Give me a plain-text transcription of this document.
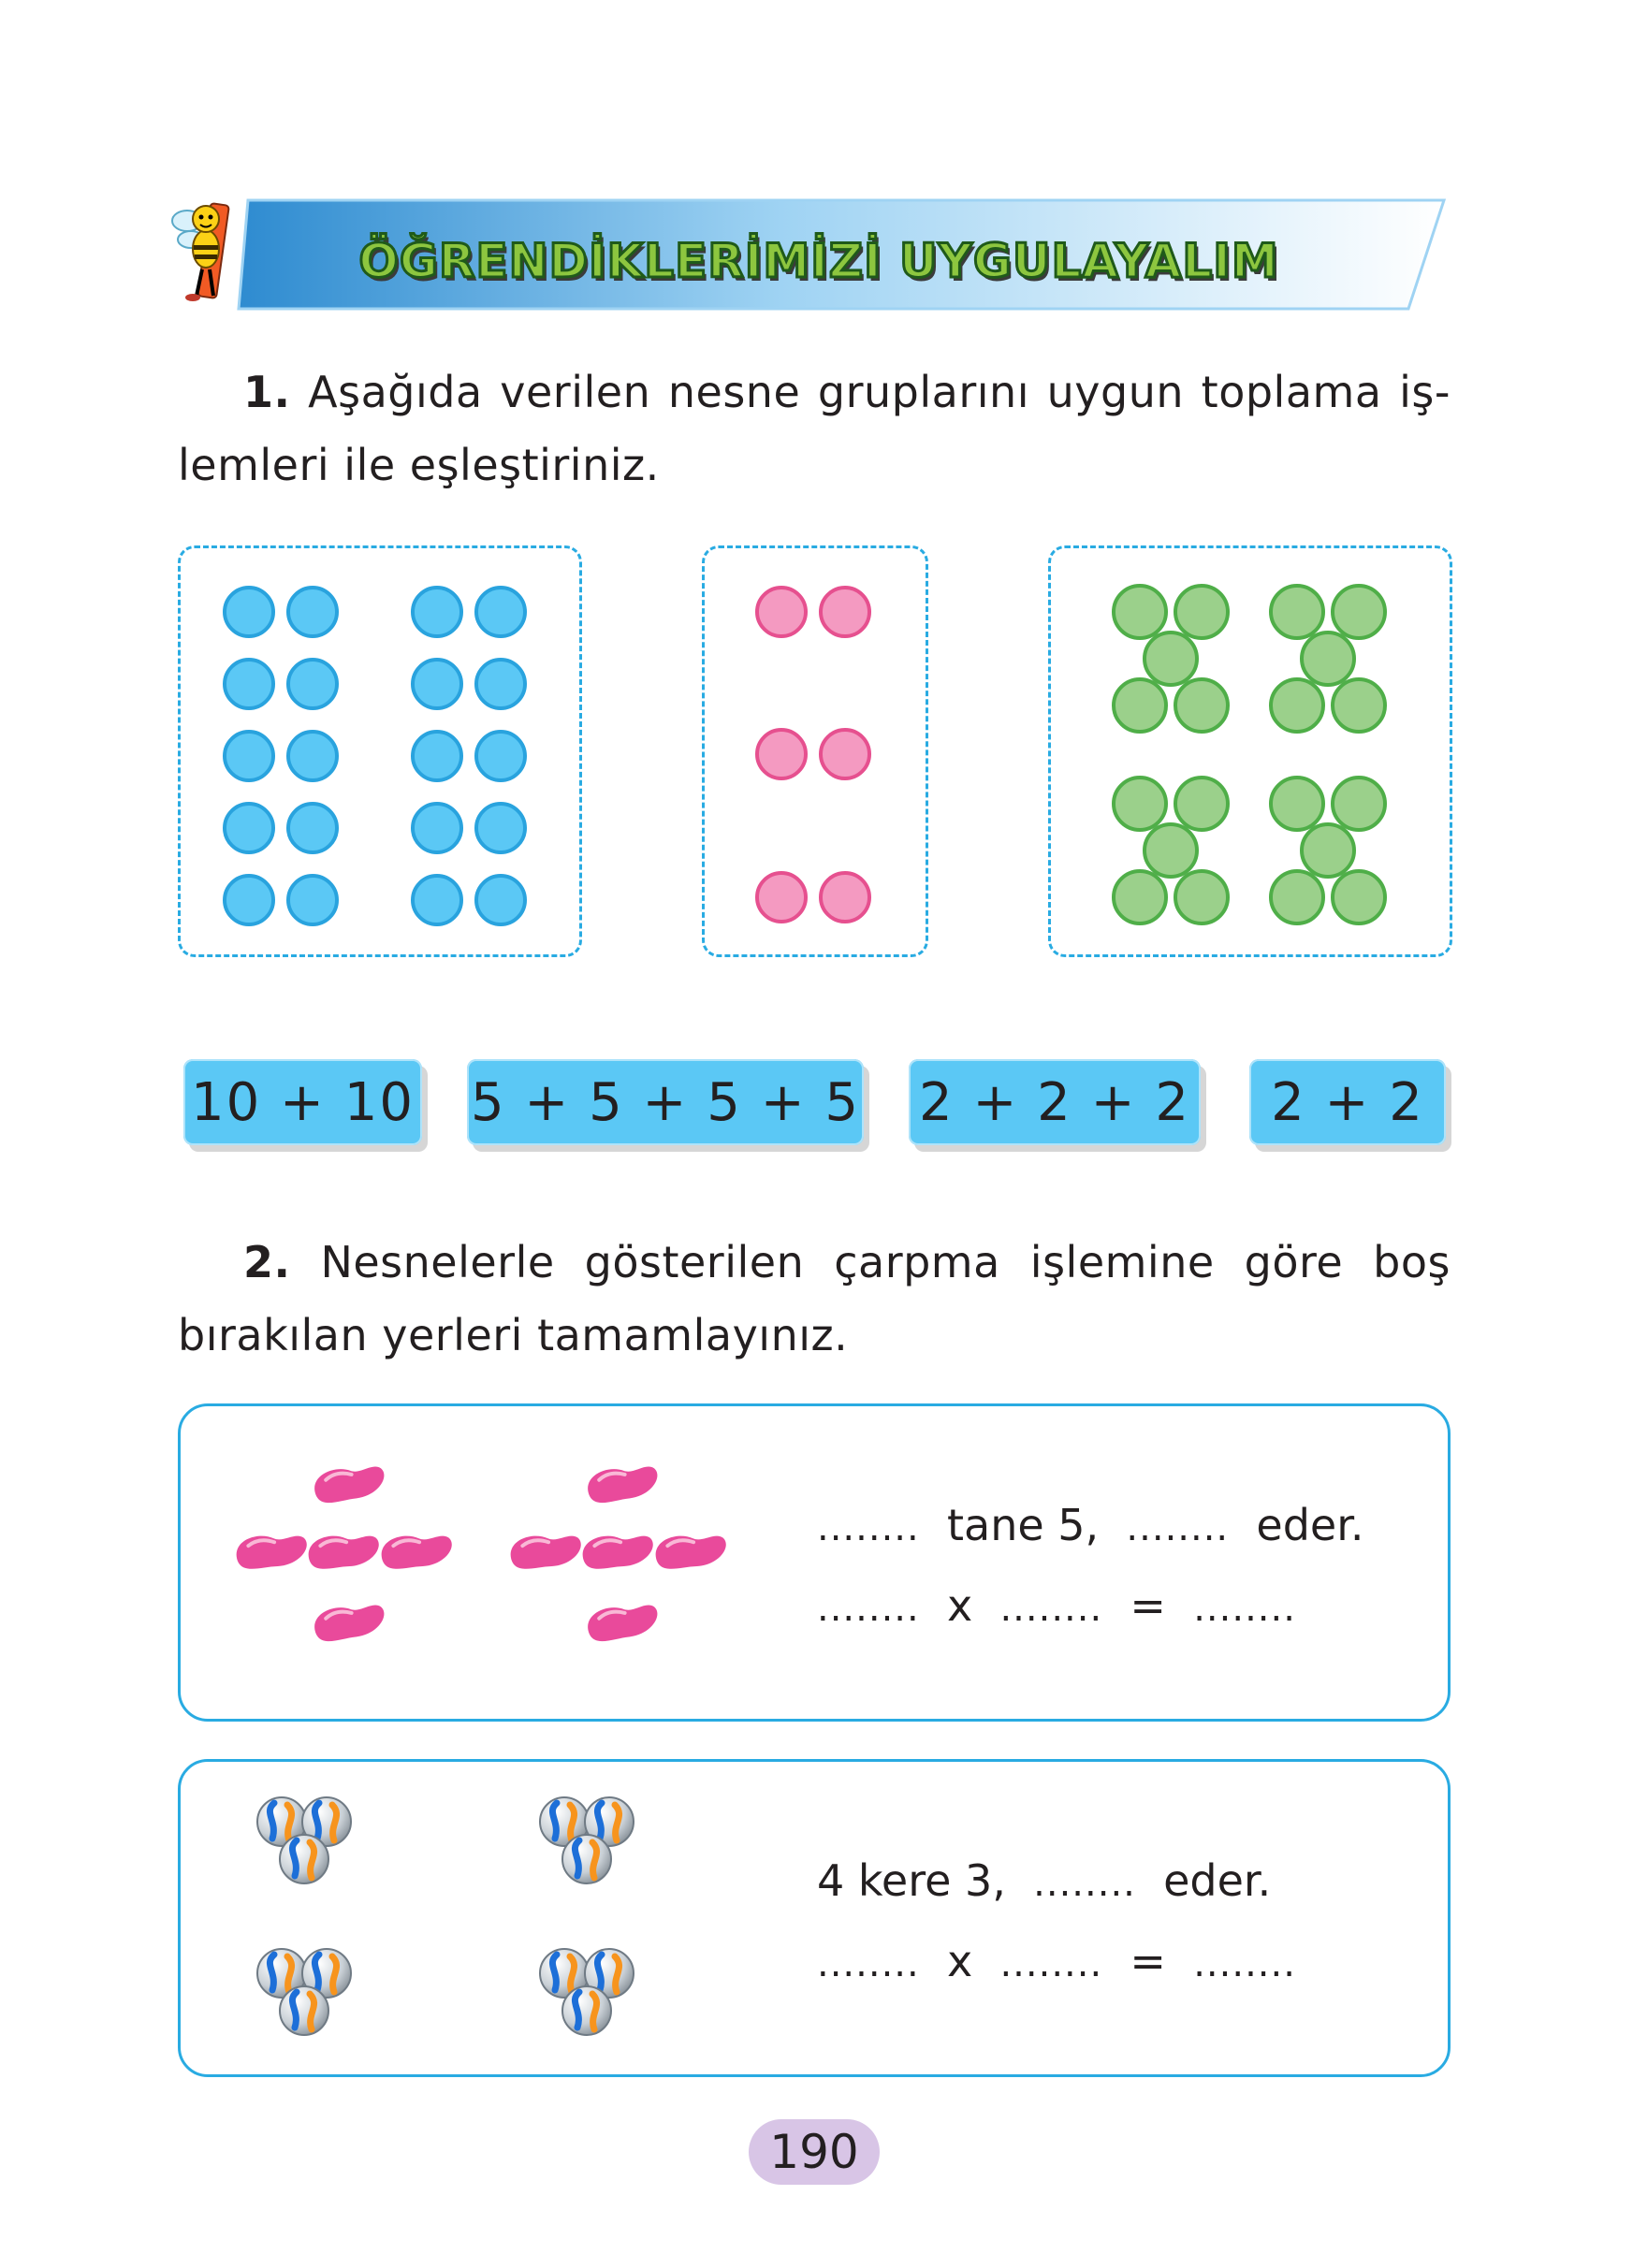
ÖĞRENDİKLERİMİZİ UYGULAYALIM
1. Aşağıda verilen nesne gruplarını uygun toplama iş-lemleri ile eşleştiriniz.
10 + 10 5 + 5 + 5 + 5 2 + 2 + 2	2 + 2
2. Nesnelerle gösterilen çarpma işlemine göre boş bırakılan yerleri tamamlayınız.
........ tane 5, ........ eder.
........ x ........ = ........
4 kere 3, ........ eder.
........ x ........ = ........
190
